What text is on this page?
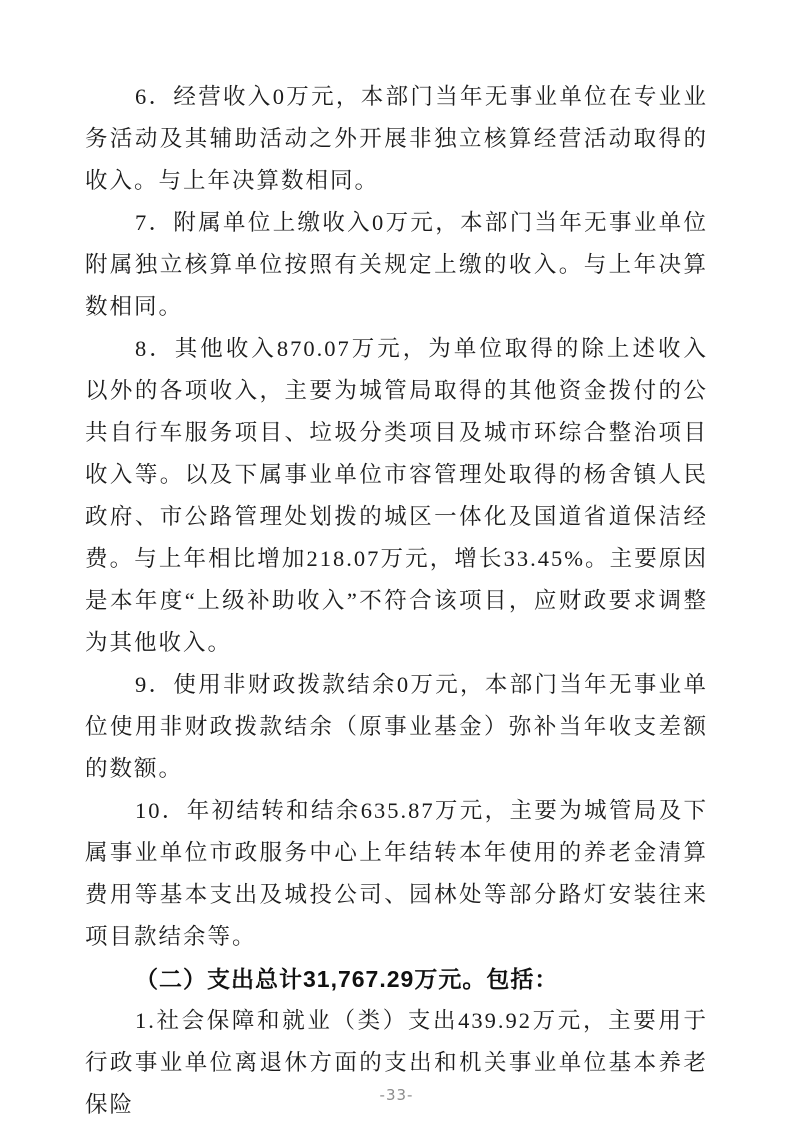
6．经营收入0万元，本部门当年无事业单位在专业业务活动及其辅助活动之外开展非独立核算经营活动取得的收入。与上年决算数相同。

7．附属单位上缴收入0万元，本部门当年无事业单位附属独立核算单位按照有关规定上缴的收入。与上年决算数相同。

8．其他收入870.07万元，为单位取得的除上述收入以外的各项收入，主要为城管局取得的其他资金拨付的公共自行车服务项目、垃圾分类项目及城市环综合整治项目收入等。以及下属事业单位市容管理处取得的杨舍镇人民政府、市公路管理处划拨的城区一体化及国道省道保洁经费。与上年相比增加218.07万元，增长33.45%。主要原因是本年度“上级补助收入”不符合该项目，应财政要求调整为其他收入。

9．使用非财政拨款结余0万元，本部门当年无事业单位使用非财政拨款结余（原事业基金）弥补当年收支差额的数额。

10．年初结转和结余635.87万元，主要为城管局及下属事业单位市政服务中心上年结转本年使用的养老金清算费用等基本支出及城投公司、园林处等部分路灯安装往来项目款结余等。

（二）支出总计31,767.29万元。包括：

1.社会保障和就业（类）支出439.92万元，主要用于行政事业单位离退休方面的支出和机关事业单位基本养老保险	-33-
